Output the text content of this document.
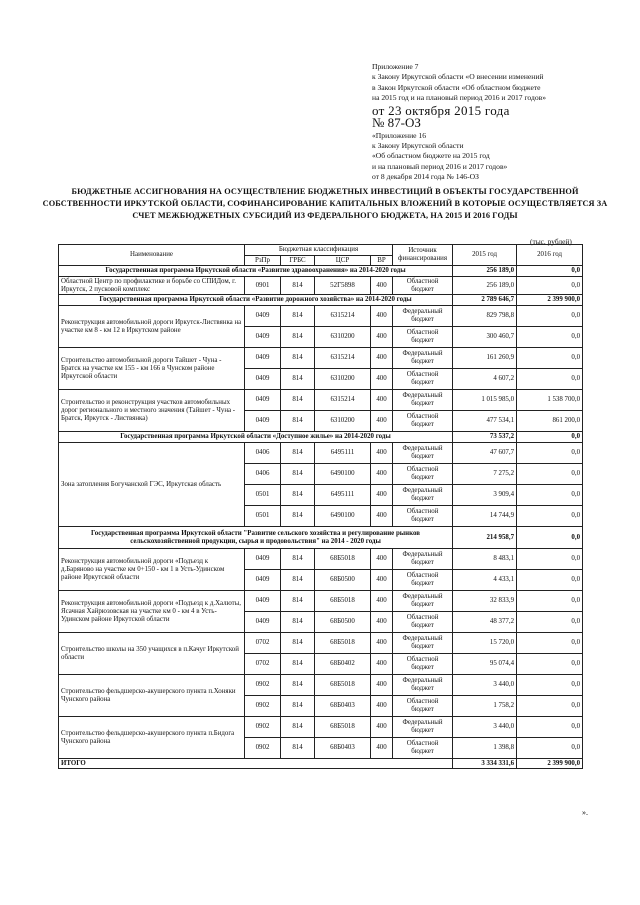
Приложение 7
к Закону Иркутской области «О внесении изменений
в Закон Иркутской области «Об областном бюджете
на 2015 год и на плановый период 2016 и 2017 годов»
от 23 октября 2015 года
№ 87-ОЗ
«Приложение 16
к Закону Иркутской области
«Об областном бюджете на 2015 год
и на плановый период 2016 и 2017 годов»
от 8 декабря 2014 года № 146-ОЗ
БЮДЖЕТНЫЕ АССИГНОВАНИЯ НА ОСУЩЕСТВЛЕНИЕ БЮДЖЕТНЫХ ИНВЕСТИЦИЙ В ОБЪЕКТЫ ГОСУДАРСТВЕННОЙ СОБСТВЕННОСТИ ИРКУТСКОЙ ОБЛАСТИ, СОФИНАНСИРОВАНИЕ КАПИТАЛЬНЫХ ВЛОЖЕНИЙ В КОТОРЫЕ ОСУЩЕСТВЛЯЕТСЯ ЗА СЧЕТ МЕЖБЮДЖЕТНЫХ СУБСИДИЙ ИЗ ФЕДЕРАЛЬНОГО БЮДЖЕТА, НА 2015 И 2016 ГОДЫ
(тыс. рублей)
Наименование	Бюджетная классификация				Источник финансирования	2015 год	2016 год
	РзПр	ГРБС	ЦСР	ВР			
Государственная программа Иркутской области «Развитие здравоохранения» на 2014-2020 годы						256 189,0	0,0
Областной Центр по профилактике и борьбе со СПИДом, г. Иркутск, 2 пусковой комплекс	0901	814	52Г5898	400	Областной бюджет	256 189,0	0,0
Государственная программа Иркутской области «Развитие дорожного хозяйства» на 2014-2020 годы						2 789 646,7	2 399 900,0
Реконструкция автомобильной дороги Иркутск-Листвянка на участке км 8 - км 12 в Иркутском районе	0409	814	6315214	400	Федеральный бюджет	829 798,8	0,0
	0409	814	6310200	400	Областной бюджет	300 460,7	0,0
Строительство автомобильной дороги Тайшет - Чуна - Братск на участке км 155 - км 166 в Чунском районе Иркутской области	0409	814	6315214	400	Федеральный бюджет	161 260,9	0,0
	0409	814	6310200	400	Областной бюджет	4 607,2	0,0
Строительство и реконструкция участков автомобильных дорог регионального и местного значения (Тайшет - Чуна - Братск, Иркутск - Листвянка)	0409	814	6315214	400	Федеральный бюджет	1 015 985,0	1 538 700,0
	0409	814	6310200	400	Областной бюджет	477 534,1	861 200,0
Государственная программа Иркутской области «Доступное жилье» на 2014-2020 годы						73 537,2	0,0
Зона затопления Богучанской ГЭС, Иркутская область	0406	814	6495111	400	Федеральный бюджет	47 607,7	0,0
	0406	814	6490100	400	Областной бюджет	7 275,2	0,0
	0501	814	6495111	400	Федеральный бюджет	3 909,4	0,0
	0501	814	6490100	400	Областной бюджет	14 744,9	0,0
Государственная программа Иркутской области "Развитие сельского хозяйства и регулирование рынков сельскохозяйственной продукции, сырья и продовольствия" на 2014 - 2020 годы						214 958,7	0,0
Реконструкция автомобильной дороги «Подъезд к д.Баряново на участке км 0+150 - км 1 в Усть-Удинском районе Иркутской области	0409	814	68Б5018	400	Федеральный бюджет	8 483,1	0,0
	0409	814	68Б0500	400	Областной бюджет	4 433,1	0,0
Реконструкция автомобильной дороги «Подъезд к д.Халюты, Ясачная Хайрюзовская на участке км 0 - км 4 в Усть-Удинском районе Иркутской области	0409	814	68Б5018	400	Федеральный бюджет	32 833,9	0,0
	0409	814	68Б0500	400	Областной бюджет	48 377,2	0,0
Строительство школы на 350 учащихся в п.Качуг Иркутской области	0702	814	68Б5018	400	Федеральный бюджет	15 720,0	0,0
	0702	814	68Б0402	400	Областной бюджет	95 074,4	0,0
Строительство фельдшерско-акушерского пункта п.Хоняки Чунского района	0902	814	68Б5018	400	Федеральный бюджет	3 440,0	0,0
	0902	814	68Б0403	400	Областной бюджет	1 758,2	0,0
Строительство фельдшерско-акушерского пункта п.Бидога Чунского района	0902	814	68Б5018	400	Федеральный бюджет	3 440,0	0,0
	0902	814	68Б0403	400	Областной бюджет	1 398,8	0,0
ИТОГО						3 334 331,6	2 399 900,0
».
